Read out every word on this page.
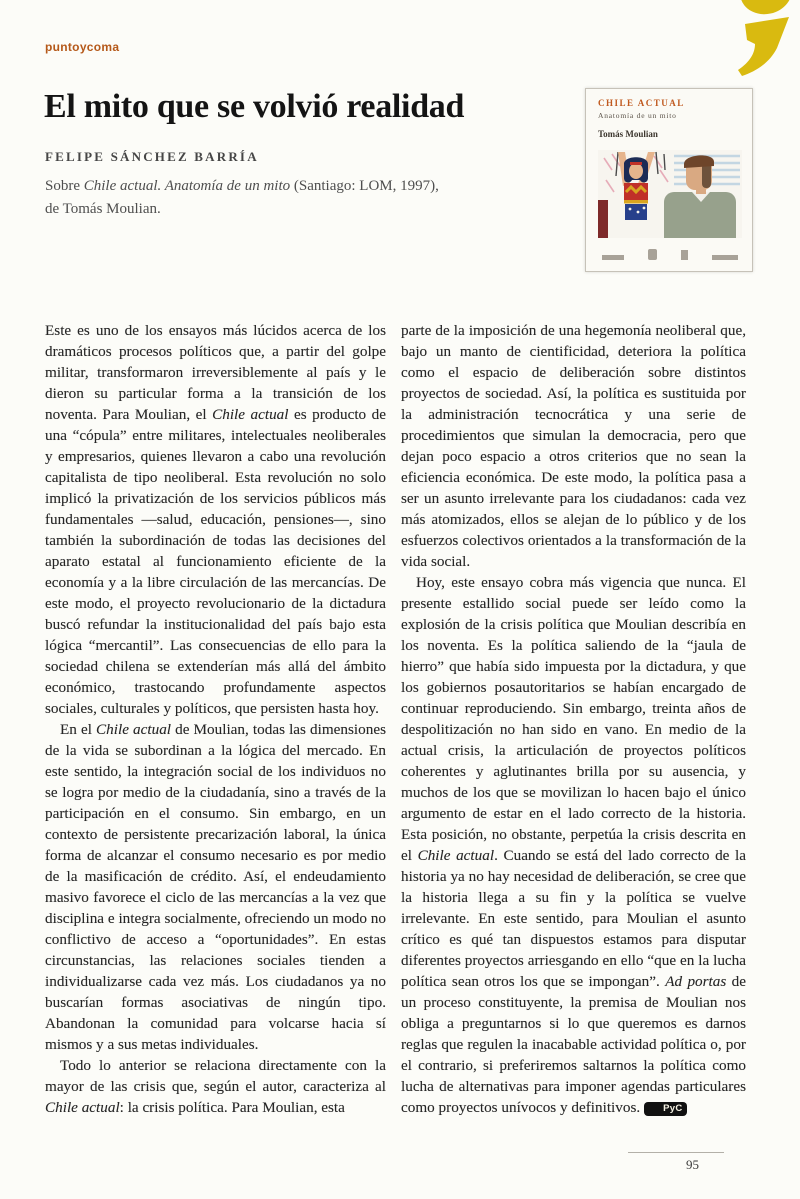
puntoycoma
El mito que se volvió realidad
FELIPE SÁNCHEZ BARRÍA

Sobre Chile actual. Anatomía de un mito (Santiago: LOM, 1997),
de Tomás Moulian.

CHILE ACTUAL
Anatomía de un mito
Tomás Moulian

Este es uno de los ensayos más lúcidos acerca de los dramáticos procesos políticos que, a partir del golpe militar, transformaron irreversiblemente al país y le dieron su particular forma a la transición de los noventa. Para Moulian, el Chile actual es producto de una “cópula” entre militares, intelectuales neoliberales y empresarios, quienes llevaron a cabo una revolución capitalista de tipo neoliberal. Esta revolución no solo implicó la privatización de los servicios públicos más fundamentales —salud, educación, pensiones—, sino también la subordinación de todas las decisiones del aparato estatal al funcionamiento eficiente de la economía y a la libre circulación de las mercancías. De este modo, el proyecto revolucionario de la dictadura buscó refundar la institucionalidad del país bajo esta lógica “mercantil”. Las consecuencias de ello para la sociedad chilena se extenderían más allá del ámbito económico, trastocando profundamente aspectos sociales, culturales y políticos, que persisten hasta hoy.

En el Chile actual de Moulian, todas las dimensiones de la vida se subordinan a la lógica del mercado. En este sentido, la integración social de los individuos no se logra por medio de la ciudadanía, sino a través de la participación en el consumo. Sin embargo, en un contexto de persistente precarización laboral, la única forma de alcanzar el consumo necesario es por medio de la masificación de crédito. Así, el endeudamiento masivo favorece el ciclo de las mercancías a la vez que disciplina e integra socialmente, ofreciendo un modo no conflictivo de acceso a “oportunidades”. En estas circunstancias, las relaciones sociales tienden a individualizarse cada vez más. Los ciudadanos ya no buscarían formas asociativas de ningún tipo. Abandonan la comunidad para volcarse hacia sí mismos y a sus metas individuales.

Todo lo anterior se relaciona directamente con la mayor de las crisis que, según el autor, caracteriza al Chile actual: la crisis política. Para Moulian, esta

parte de la imposición de una hegemonía neoliberal que, bajo un manto de cientificidad, deteriora la política como el espacio de deliberación sobre distintos proyectos de sociedad. Así, la política es sustituida por la administración tecnocrática y una serie de procedimientos que simulan la democracia, pero que dejan poco espacio a otros criterios que no sean la eficiencia económica. De este modo, la política pasa a ser un asunto irrelevante para los ciudadanos: cada vez más atomizados, ellos se alejan de lo público y de los esfuerzos colectivos orientados a la transformación de la vida social.

Hoy, este ensayo cobra más vigencia que nunca. El presente estallido social puede ser leído como la explosión de la crisis política que Moulian describía en los noventa. Es la política saliendo de la “jaula de hierro” que había sido impuesta por la dictadura, y que los gobiernos posautoritarios se habían encargado de continuar reproduciendo. Sin embargo, treinta años de despolitización no han sido en vano. En medio de la actual crisis, la articulación de proyectos políticos coherentes y aglutinantes brilla por su ausencia, y muchos de los que se movilizan lo hacen bajo el único argumento de estar en el lado correcto de la historia. Esta posición, no obstante, perpetúa la crisis descrita en el Chile actual. Cuando se está del lado correcto de la historia ya no hay necesidad de deliberación, se cree que la historia llega a su fin y la política se vuelve irrelevante. En este sentido, para Moulian el asunto crítico es qué tan dispuestos estamos para disputar diferentes proyectos arriesgando en ello “que en la lucha política sean otros los que se impongan”. Ad portas de un proceso constituyente, la premisa de Moulian nos obliga a preguntarnos si lo que queremos es darnos reglas que regulen la inacabable actividad política o, por el contrario, si preferiremos saltarnos la política como lucha de alternativas para imponer agendas particulares como proyectos unívocos y definitivos. PyC

95
